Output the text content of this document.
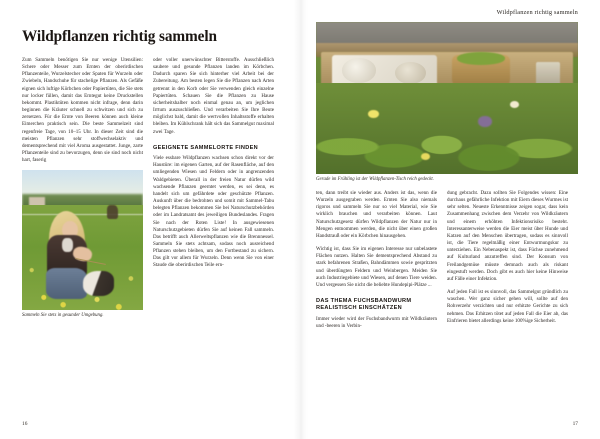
Wildpflanzen richtig sammeln

Zum Sammeln benötigen Sie nur wenige Utensilien: Schere oder Messer zum Ernten der oberirdischen Pflanzenteile, Wurzelstecher oder Spaten für Wurzeln oder Zwiebeln, Handschuhe für stachelige Pflanzen. Als Gefäße eignen sich luftige Körbchen oder Papiertüten, die Sie stets nur locker füllen, damit das Erntegut keine Druckstellen bekommt. Plastiktüten kommen nicht infrage, denn darin beginnen die Kräuter schnell zu schwitzen und sich zu zersetzen. Für die Ernte von Beeren können auch kleine Eimerchen praktisch sein. Die beste Sammelzeit sind regenfreie Tage, von 10–15 Uhr. In dieser Zeit sind die meisten Pflanzen sehr stoffwechselaktiv und dementsprechend mit viel Aroma ausgestattet. Junge, zarte Pflanzenteile sind zu bevorzugen, denn sie sind noch nicht hart, faserig

Sammeln Sie stets in gesunder Umgebung.

oder voller unerwünschter Bitterstoffe. Ausschließlich saubere und gesunde Pflanzen landen im Körbchen. Dadurch sparen Sie sich hinterher viel Arbeit bei der Zubereitung. Am besten legen Sie die Pflanzen nach Arten getrennt in den Korb oder Sie verwenden gleich einzelne Papiertüten. Schauen Sie die Pflanzen zu Hause sicherheitshalber noch einmal genau an, um jeglichen Irrtum auszuschließen. Und verarbeiten Sie Ihre Beute möglichst bald, damit die wertvollen Inhaltsstoffe erhalten bleiben. Im Kühlschrank hält sich das Sammelgut maximal zwei Tage.

GEEIGNETE SAMMELORTE FINDEN

Viele essbare Wildpflanzen wachsen schon direkt vor der Haustüre: im eigenen Garten, auf der Rasenfläche, auf den umliegenden Wiesen und Feldern oder in angrenzenden Waldgebieten. Überall in der freien Natur dürfen wild wachsende Pflanzen geerntet werden, es sei denn, es handelt sich um gefährdete oder geschützte Pflanzen. Auskunft über die bedrohten und somit mit Sammel-Tabu belegten Pflanzen bekommen Sie bei Naturschutzbehörden oder im Landratsamt des jeweiligen Bundeslandes. Fragen Sie nach der Roten Liste! In ausgewiesenen Naturschutzgebieten dürfen Sie auf keinen Fall sammeln. Das betrifft auch Allerweltspflanzen wie die Brennnessel. Sammeln Sie stets achtsam, sodass noch ausreichend Pflanzen stehen bleiben, um den Fortbestand zu sichern. Das gilt vor allem für Wurzeln. Denn wenn Sie von einer Staude die oberirdischen Teile ern-

16
Wildpflanzen richtig sammeln
Gerade im Frühling ist der Wildpflanzen-Tisch reich gedeckt.

ten, dann treibt sie wieder aus. Anders ist das, wenn die Wurzeln ausgegraben werden. Ernten Sie also niemals rigoros und sammeln Sie nur so viel Material, wie Sie wirklich brauchen und verarbeiten können. Laut Naturschutzgesetz dürfen Wildpflanzen der Natur nur in Mengen entnommen werden, die nicht über einen großen Handstrauß oder ein Körbchen hinausgehen.

Wichtig ist, dass Sie im eigenen Interesse nur unbelastete Flächen nutzen. Halten Sie dementsprechend Abstand zu stark befahrenen Straßen, Bahndämmen sowie gespritzten und überdüngten Feldern und Weinbergen. Meiden Sie auch Industriegebiete und Wiesen, auf denen Tiere weiden. Und vergessen Sie nicht die beliebte Hundepipi-Plätze ...

DAS THEMA FUCHSBANDWURM REALISTISCH EINSCHÄTZEN

Immer wieder wird der Fuchsbandwurm mit Wildkräutern und -beeren in Verbin-

dung gebracht. Dazu sollten Sie Folgendes wissen: Eine durchaus gefährliche Infektion mit Eiern dieses Wurmes ist sehr selten. Neueste Erkenntnisse zeigen sogar, dass kein Zusammenhang zwischen dem Verzehr von Wildkräutern und einem erhöhten Infektionsrisiko besteht. Interessanterweise werden die Eier meist über Hunde und Katzen auf den Menschen übertragen, sodass es sinnvoll ist, die Tiere regelmäßig einer Entwurmungskur zu unterziehen. Ein Nebenaspekt ist, dass Füchse zunehmend auf Kulturland anzutreffen sind. Der Konsum von Freilandgemüse müsste demnach auch als riskant eingestuft werden. Doch gibt es auch hier keine Hinweise auf Fälle einer Infektion.

Auf jeden Fall ist es sinnvoll, das Sammelgut gründlich zu waschen. Wer ganz sicher gehen will, sollte auf den Rohverzehr verzichten und nur erhitzte Gerichte zu sich nehmen. Das Erhitzen tötet auf jeden Fall die Eier ab, das Einfrieren bietet allerdings keine 100%ige Sicherheit.

17
